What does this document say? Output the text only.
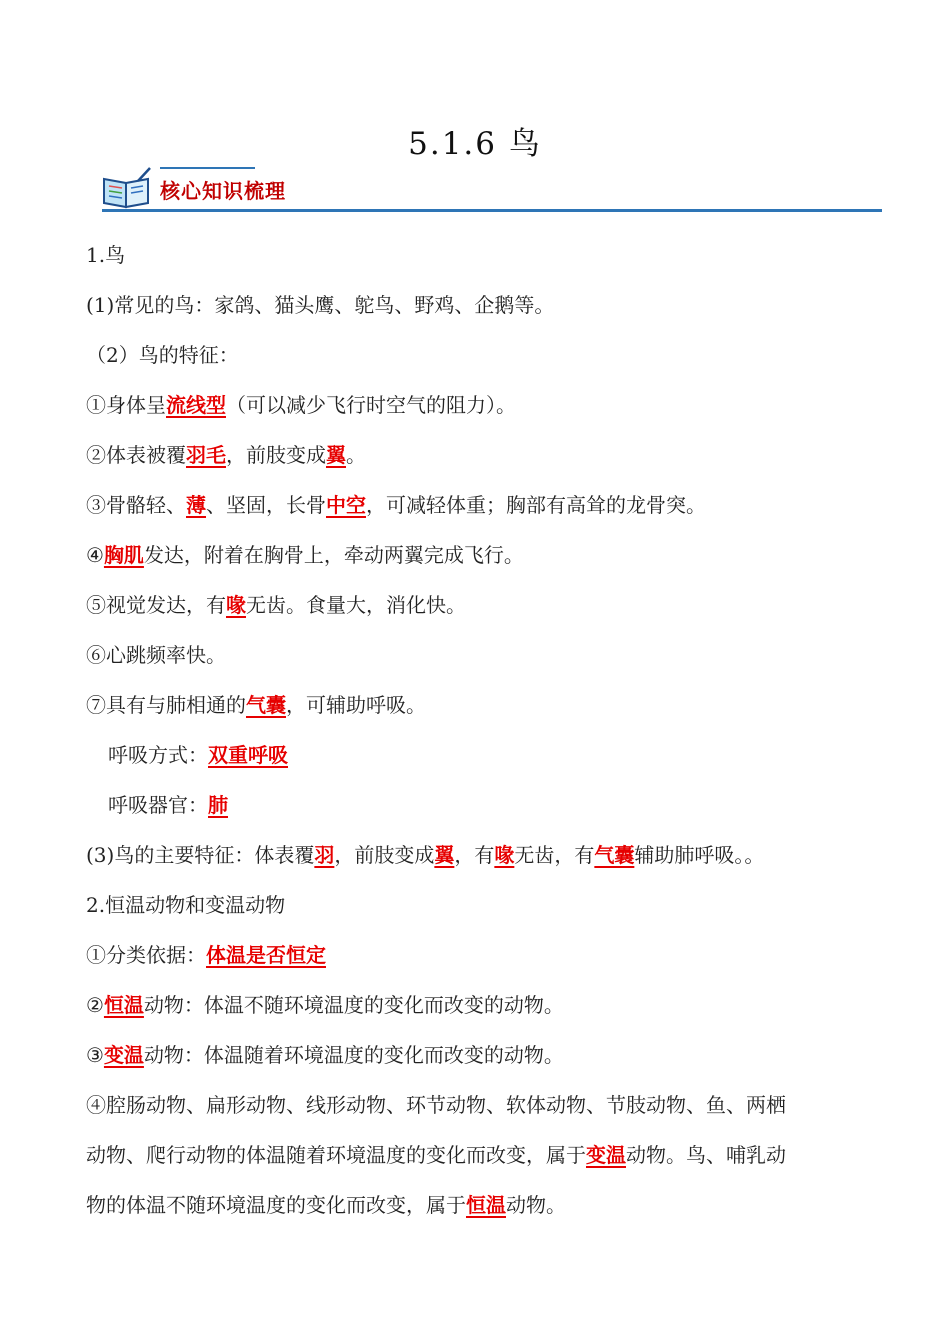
5.1.6 鸟
核心知识梳理
1.鸟
(1)常见的鸟：家鸽、猫头鹰、鸵鸟、野鸡、企鹅等。
（2）鸟的特征：
①身体呈流线型（可以减少飞行时空气的阻力）。
②体表被覆羽毛，前肢变成翼。
③骨骼轻、薄、坚固，长骨中空，可减轻体重；胸部有高耸的龙骨突。
④胸肌发达，附着在胸骨上，牵动两翼完成飞行。
⑤视觉发达，有喙无齿。食量大，消化快。
⑥心跳频率快。
⑦具有与肺相通的气囊，可辅助呼吸。
呼吸方式：双重呼吸
呼吸器官：肺
(3)鸟的主要特征：体表覆羽，前肢变成翼，有喙无齿，有气囊辅助肺呼吸。。
2.恒温动物和变温动物
①分类依据：体温是否恒定
②恒温动物：体温不随环境温度的变化而改变的动物。
③变温动物：体温随着环境温度的变化而改变的动物。
④腔肠动物、扁形动物、线形动物、环节动物、软体动物、节肢动物、鱼、两栖
动物、爬行动物的体温随着环境温度的变化而改变，属于变温动物。鸟、哺乳动
物的体温不随环境温度的变化而改变，属于恒温动物。
